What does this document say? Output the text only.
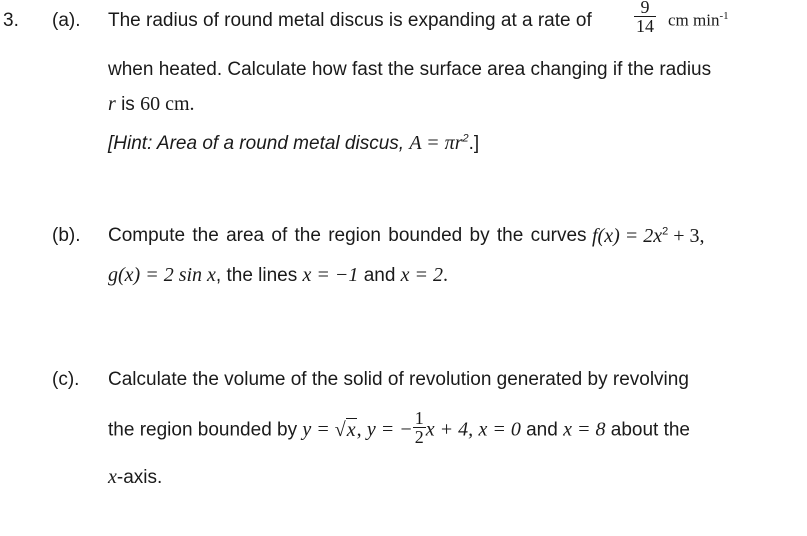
3. (a). The radius of round metal discus is expanding at a rate of $\frac{9}{14}$ cm $\min^{-1}$
when heated. Calculate how fast the surface area changing if the radius
r is 60 cm.
[Hint: Area of a round metal discus, $A = \pi r^2$.]
(b). Compute the area of the region bounded by the curves $f(x) = 2x^2 + 3$,
g(x) = 2 sin x, the lines x = −1 and x = 2.
(c). Calculate the volume of the solid of revolution generated by revolving
the region bounded by y = √x, y = − $\frac{1}{2}$ x + 4, x = 0 and x = 8 about the
x-axis.
